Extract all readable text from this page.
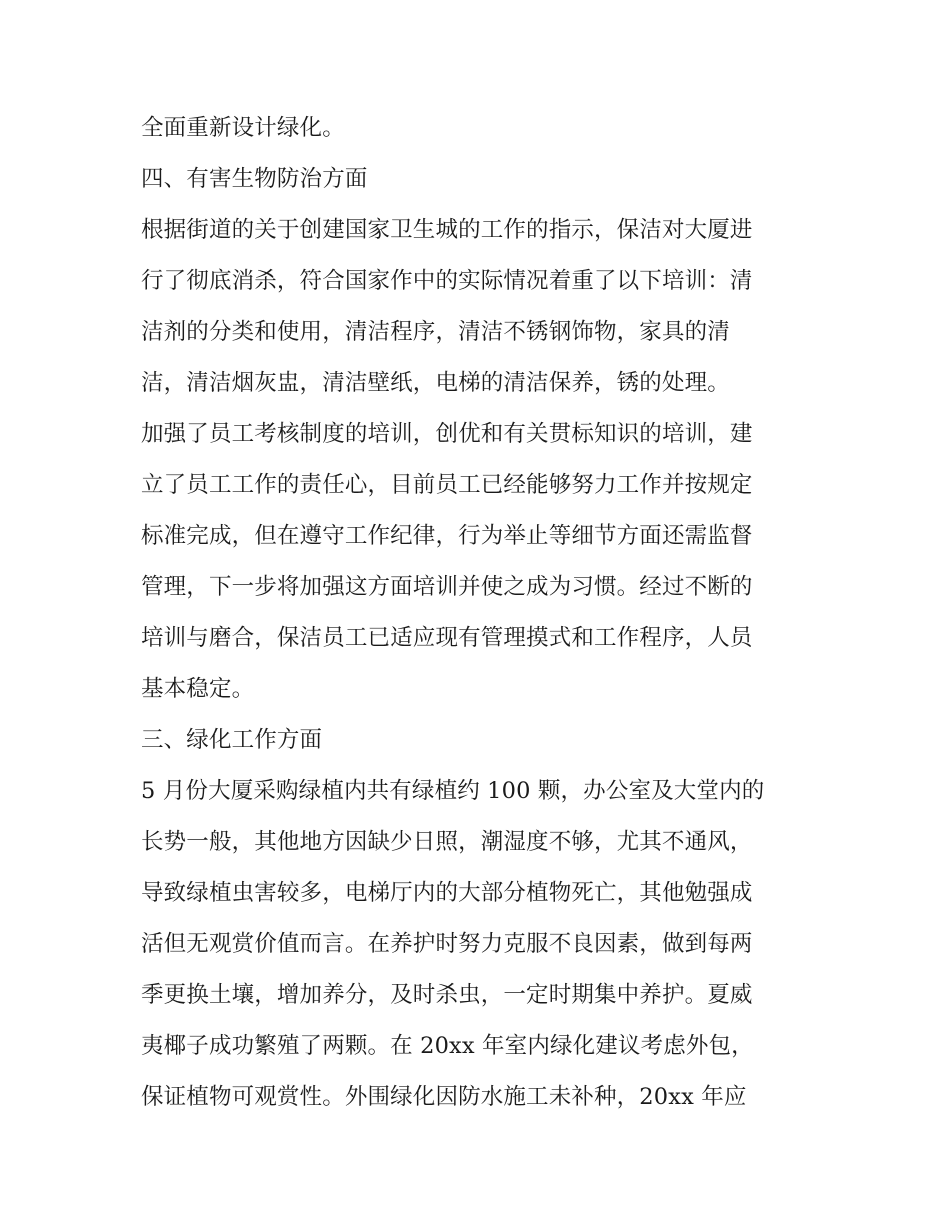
全面重新设计绿化。
四、有害生物防治方面
根据街道的关于创建国家卫生城的工作的指示，保洁对大厦进
行了彻底消杀，符合国家作中的实际情况着重了以下培训：清
洁剂的分类和使用，清洁程序，清洁不锈钢饰物，家具的清
洁，清洁烟灰盅，清洁壁纸，电梯的清洁保养，锈的处理。
加强了员工考核制度的培训，创优和有关贯标知识的培训，建
立了员工工作的责任心，目前员工已经能够努力工作并按规定
标准完成，但在遵守工作纪律，行为举止等细节方面还需监督
管理，下一步将加强这方面培训并使之成为习惯。经过不断的
培训与磨合，保洁员工已适应现有管理摸式和工作程序，人员
基本稳定。
三、绿化工作方面
5 月份大厦采购绿植内共有绿植约 100 颗，办公室及大堂内的
长势一般，其他地方因缺少日照，潮湿度不够，尤其不通风，
导致绿植虫害较多，电梯厅内的大部分植物死亡，其他勉强成
活但无观赏价值而言。在养护时努力克服不良因素，做到每两
季更换土壤，增加养分，及时杀虫，一定时期集中养护。夏威
夷椰子成功繁殖了两颗。在 20xx 年室内绿化建议考虑外包，
保证植物可观赏性。外围绿化因防水施工未补种，20xx 年应
